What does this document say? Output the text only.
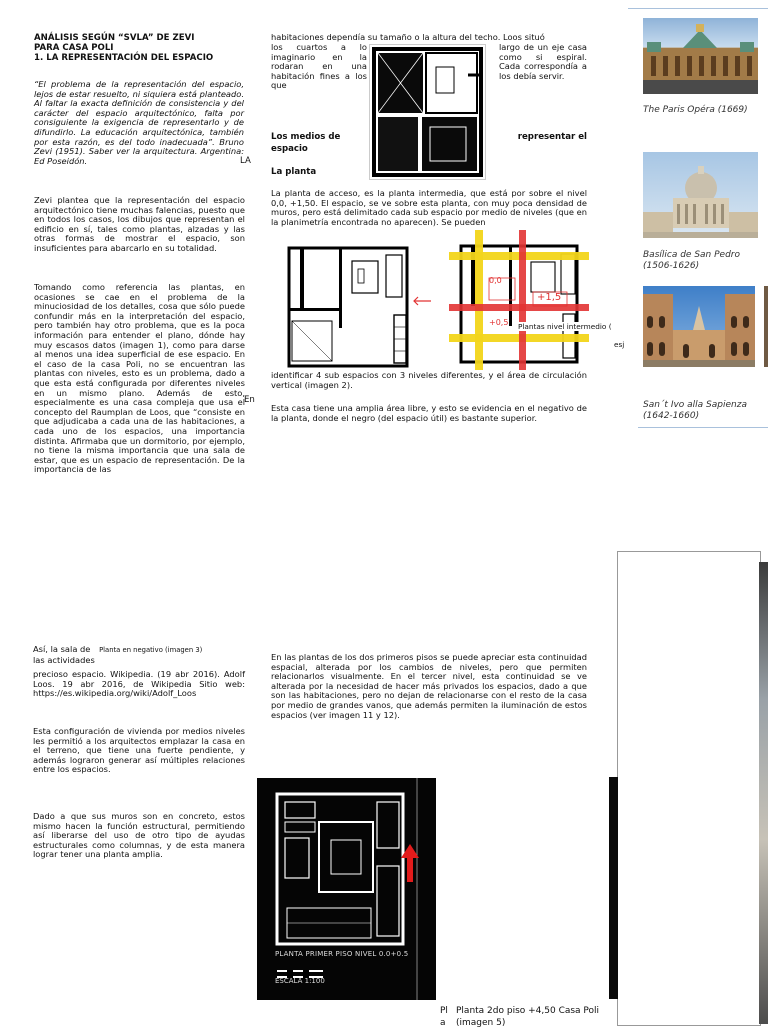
ANÁLISIS SEGÚN “SVLA” DE ZEVI
PARA CASA POLI
1. LA REPRESENTACIÓN DEL ESPACIO
“El problema de la representación del espacio, lejos de estar resuelto, ni siquiera está planteado. Al faltar la exacta definición de consistencia y del carácter del espacio arquitectónico, falta por consiguiente la exigencia de representarlo y de difundirlo. La educación arquitectónica, también por esta razón, es del todo inadecuada”. Bruno Zevi (1951). Saber ver la arquitectura. Argentina: Ed Poseidón.	LA
Zevi plantea que la representación del espacio arquitectónico tiene muchas falencias, puesto que en todos los casos, los dibujos que representan el edificio en sí, tales como plantas, alzadas y las otras formas de mostrar el espacio, son insuficientes para abarcarlo en su totalidad.
Tomando como referencia las plantas, en ocasiones se cae en el problema de la minuciosidad de los detalles, cosa que sólo puede confundir más en la interpretación del espacio, pero también hay otro problema, que es la poca información para entender el plano, dónde hay muy escasos datos (imagen 1), como para darse al menos una idea superficial de ese espacio. En el caso de la casa Poli, no se encuentran las plantas con niveles, esto es un problema, dado a que esta está configurada por diferentes niveles en un mismo plano. Además de esto, especialmente es una casa compleja que usa el concepto del Raumplan de Loos, que “consiste en que adjudicaba a cada una de las habitaciones, a cada uno de los espacios, una importancia distinta. Afirmaba que un dormitorio, por ejemplo, no tiene la misma importancia que una sala de estar, que es un espacio de representación. De la importancia de las
En
habitaciones dependía su tamaño o la altura del techo. Loos situó
los cuartos a lo imaginario en la rodaran en una habitación fines a los que
largo de un eje casa como si espiral. Cada correspondía a los debía servir.
Los medios de	representar el
espacio
La planta
La planta de acceso, es la planta intermedia, que está por sobre el nivel 0,0, +1,50. El espacio, se ve sobre esta planta, con muy poca densidad de muros, pero está delimitado cada sub espacio por medio de niveles (que en la planimetría encontrada no aparecen). Se pueden
0,0
+1,5
+0,5 Plantas nivel intermedio (
esj
identificar 4 sub espacios con 3 niveles diferentes, y el área de circulación vertical (imagen 2).
Esta casa tiene una amplia área libre, y esto se evidencia en el negativo de la planta, donde el negro (del espacio útil) es bastante superior.
The Paris Opéra (1669)
Basílica de San Pedro (1506-1626)
San´t Ivo alla Sapienza (1642-1660)
Así, la sala de Planta en negativo (imagen 3)
las actividades
precioso espacio. Wikipedia. (19 abr 2016). Adolf Loos. 19 abr 2016, de Wikipedia Sitio web: https://es.wikipedia.org/wiki/Adolf_Loos
Esta configuración de vivienda por medios niveles les permitió a los arquitectos emplazar la casa en el terreno, que tiene una fuerte pendiente, y además lograron generar así múltiples relaciones entre los espacios.
Dado a que sus muros son en concreto, estos mismo hacen la función estructural, permitiendo así liberarse del uso de otro tipo de ayudas estructurales como columnas, y de esta manera lograr tener una planta amplia.
En las plantas de los dos primeros pisos se puede apreciar esta continuidad espacial, alterada por los cambios de niveles, pero que permiten relacionarlos visualmente. En el tercer nivel, esta continuidad se ve alterada por la necesidad de hacer más privados los espacios, dado a que son las habitaciones, pero no dejan de relacionarse con el resto de la casa por medio de grandes vanos, que además permiten la iluminación de estos espacios (ver imagen 11 y 12).
PLANTA PRIMER PISO NIVEL 0.0+0.5
ESCALA 1:100
Pl
a
Planta 2do piso +4,50 Casa Poli (imagen 5)
